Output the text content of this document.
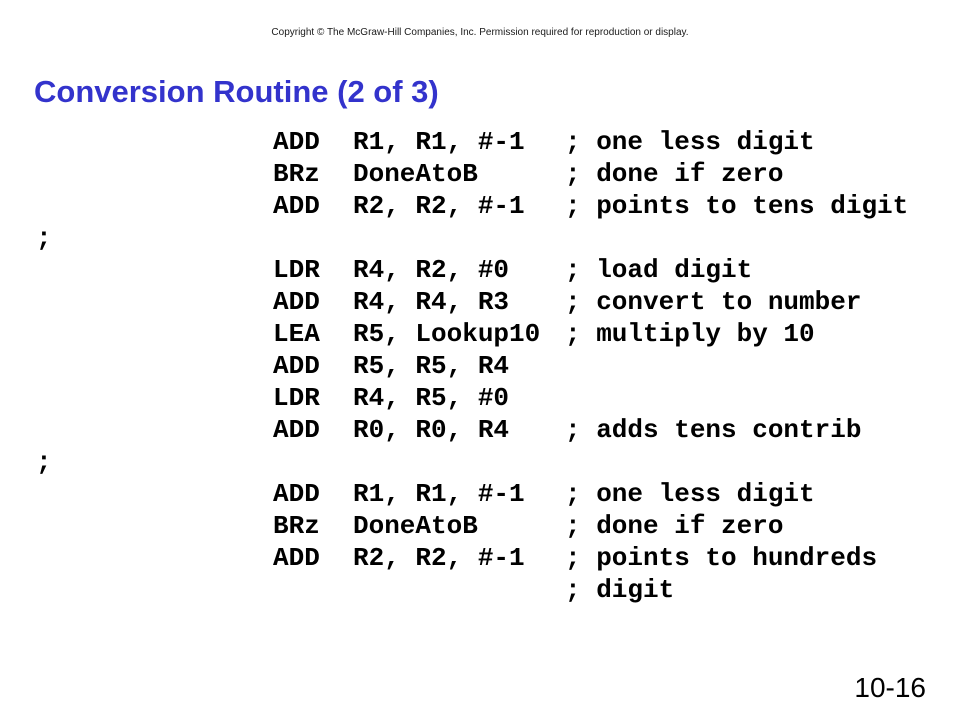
Copyright © The McGraw-Hill Companies, Inc. Permission required for reproduction or display.
Conversion Routine (2 of 3)

ADD

R1, R1, #-1

; one less digit

BRz

DoneAtoB

	; done if zero

ADD

R2, R2, #-1

; points to tens digit

;

LDR

R4, R2, #0

; load digit

ADD

R4, R4, R3

; convert to number

LEA

R5, Lookup10

; multiply by 10

ADD

R5, R5, R4

LDR

R4, R5, #0

ADD

R0, R0, R4

; adds tens contrib

;

ADD

R1, R1, #-1

; one less digit

BRz

DoneAtoB

	; done if zero

ADD

R2, R2, #-1

; points to hundreds

; digit

10-16
